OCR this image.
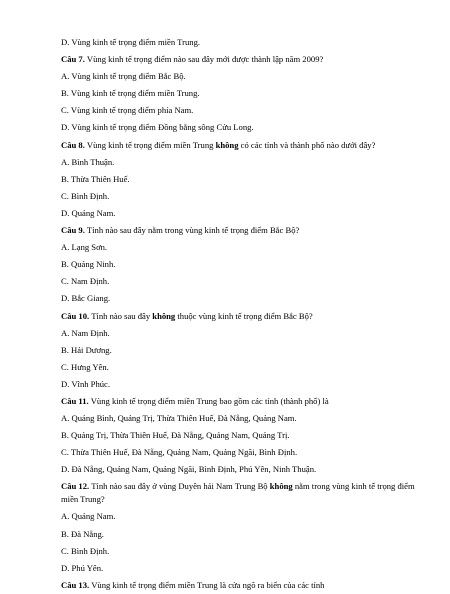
D. Vùng kinh tế trọng điểm miền Trung.
Câu 7. Vùng kinh tế trọng điểm nào sau đây mới được thành lập năm 2009?
A. Vùng kinh tế trọng điểm Bắc Bộ.
B. Vùng kinh tế trọng điểm miền Trung.
C. Vùng kinh tế trọng điểm phía Nam.
D. Vùng kinh tế trọng điểm Đồng bằng sông Cửu Long.
Câu 8. Vùng kinh tế trọng điểm miền Trung không có các tỉnh và thành phố nào dưới đây?
A. Bình Thuận.
B. Thừa Thiên Huế.
C. Bình Định.
D. Quảng Nam.
Câu 9. Tỉnh nào sau đây nằm trong vùng kinh tế trọng điểm Bắc Bộ?
A. Lạng Sơn.
B. Quảng Ninh.
C. Nam Định.
D. Bắc Giang.
Câu 10. Tỉnh nào sau đây không thuộc vùng kinh tế trọng điểm Bắc Bộ?
A. Nam Định.
B. Hải Dương.
C. Hưng Yên.
D. Vĩnh Phúc.
Câu 11. Vùng kinh tế trọng điểm miền Trung bao gồm các tỉnh (thành phố) là
A. Quảng Bình, Quảng Trị, Thừa Thiên Huế, Đà Nẵng, Quảng Nam.
B. Quảng Trị, Thừa Thiên Huế, Đà Nẵng, Quảng Nam, Quảng Trị.
C. Thừa Thiên Huế, Đà Nẵng, Quảng Nam, Quảng Ngãi, Bình Định.
D. Đà Nẵng, Quảng Nam, Quảng Ngãi, Bình Định, Phú Yên, Ninh Thuận.
Câu 12. Tỉnh nào sau đây ở vùng Duyên hải Nam Trung Bộ không nằm trong vùng kinh tế trọng điểm miền Trung?
A. Quảng Nam.
B. Đà Nẵng.
C. Bình Định.
D. Phú Yên.
Câu 13. Vùng kinh tế trọng điểm miền Trung là cửa ngõ ra biển của các tỉnh
